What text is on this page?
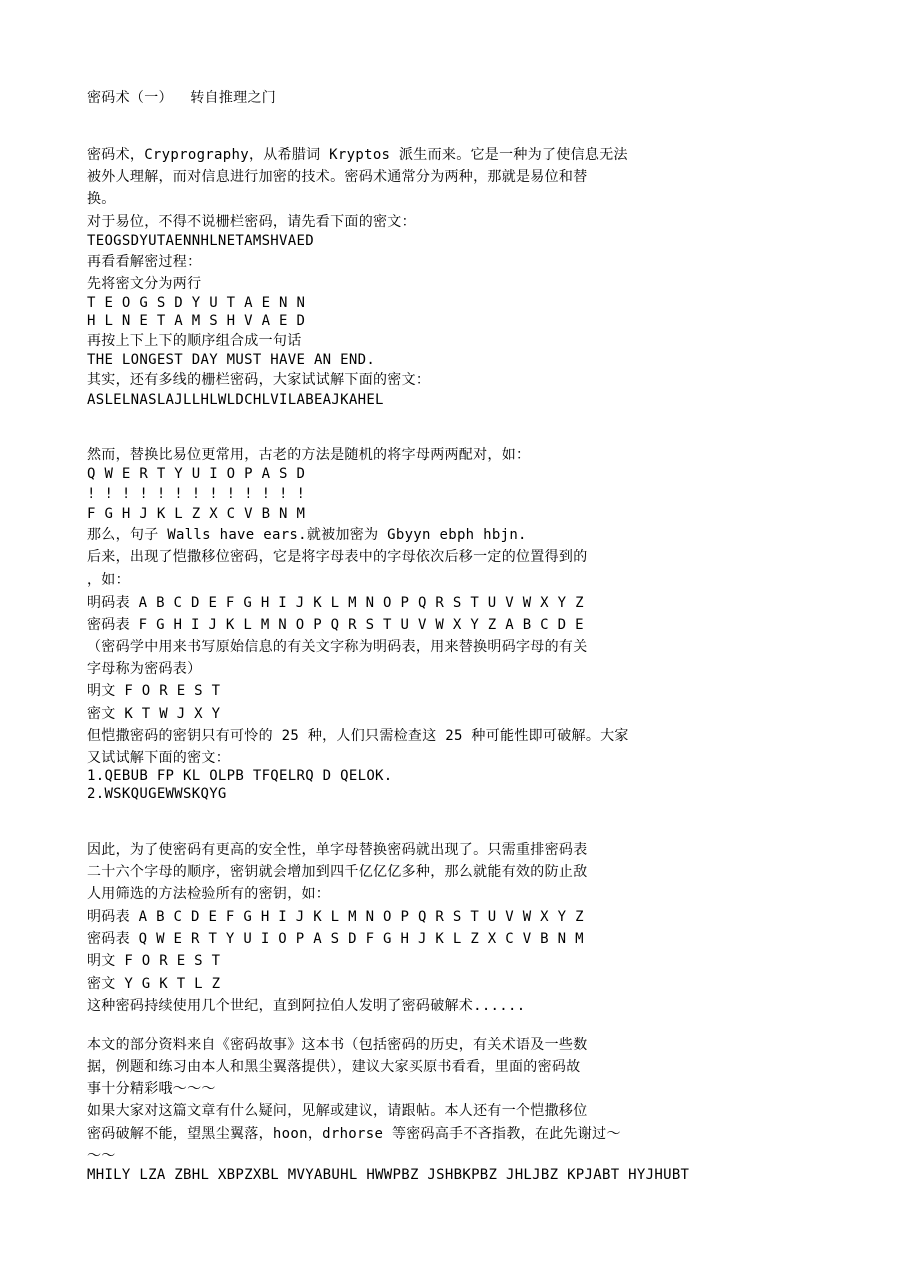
密码术（一）  转自推理之门
密码术，Cryprography，从希腊词 Kryptos 派生而来。它是一种为了使信息无法
被外人理解，而对信息进行加密的技术。密码术通常分为两种，那就是易位和替
换。
对于易位，不得不说栅栏密码，请先看下面的密文：
TEOGSDYUTAENNHLNETAMSHVAED
再看看解密过程：
先将密文分为两行
T E O G S D Y U T A E N N
H L N E T A M S H V A E D
再按上下上下的顺序组合成一句话
THE LONGEST DAY MUST HAVE AN END.
其实，还有多线的栅栏密码，大家试试解下面的密文：
ASLELNASLAJLLHLWLDCHLVILABEAJKAHEL
然而，替换比易位更常用，古老的方法是随机的将字母两两配对，如：
Q W E R T Y U I O P A S D
! ! ! ! ! ! ! ! ! ! ! ! !
F G H J K L Z X C V B N M
那么，句子 Walls have ears.就被加密为 Gbyyn ebph hbjn.
后来，出现了恺撒移位密码，它是将字母表中的字母依次后移一定的位置得到的
，如：
明码表 A B C D E F G H I J K L M N O P Q R S T U V W X Y Z
密码表 F G H I J K L M N O P Q R S T U V W X Y Z A B C D E
（密码学中用来书写原始信息的有关文字称为明码表，用来替换明码字母的有关
字母称为密码表）
明文 F O R E S T
密文 K T W J X Y
但恺撒密码的密钥只有可怜的 25 种，人们只需检查这 25 种可能性即可破解。大家
又试试解下面的密文：
1.QEBUB FP KL OLPB TFQELRQ D QELOK.
2.WSKQUGEWWSKQYG
因此，为了使密码有更高的安全性，单字母替换密码就出现了。只需重排密码表
二十六个字母的顺序，密钥就会增加到四千亿亿亿多种，那么就能有效的防止敌
人用筛选的方法检验所有的密钥，如：
明码表 A B C D E F G H I J K L M N O P Q R S T U V W X Y Z
密码表 Q W E R T Y U I O P A S D F G H J K L Z X C V B N M
明文 F O R E S T
密文 Y G K T L Z
这种密码持续使用几个世纪，直到阿拉伯人发明了密码破解术......
本文的部分资料来自《密码故事》这本书（包括密码的历史，有关术语及一些数
据，例题和练习由本人和黑尘翼落提供），建议大家买原书看看，里面的密码故
事十分精彩哦～～～
如果大家对这篇文章有什么疑问，见解或建议，请跟帖。本人还有一个恺撒移位
密码破解不能，望黑尘翼落，hoon，drhorse 等密码高手不吝指教，在此先谢过～
～～
MHILY LZA ZBHL XBPZXBL MVYABUHL HWWPBZ JSHBKPBZ JHLJBZ KPJABT HYJHUBT
